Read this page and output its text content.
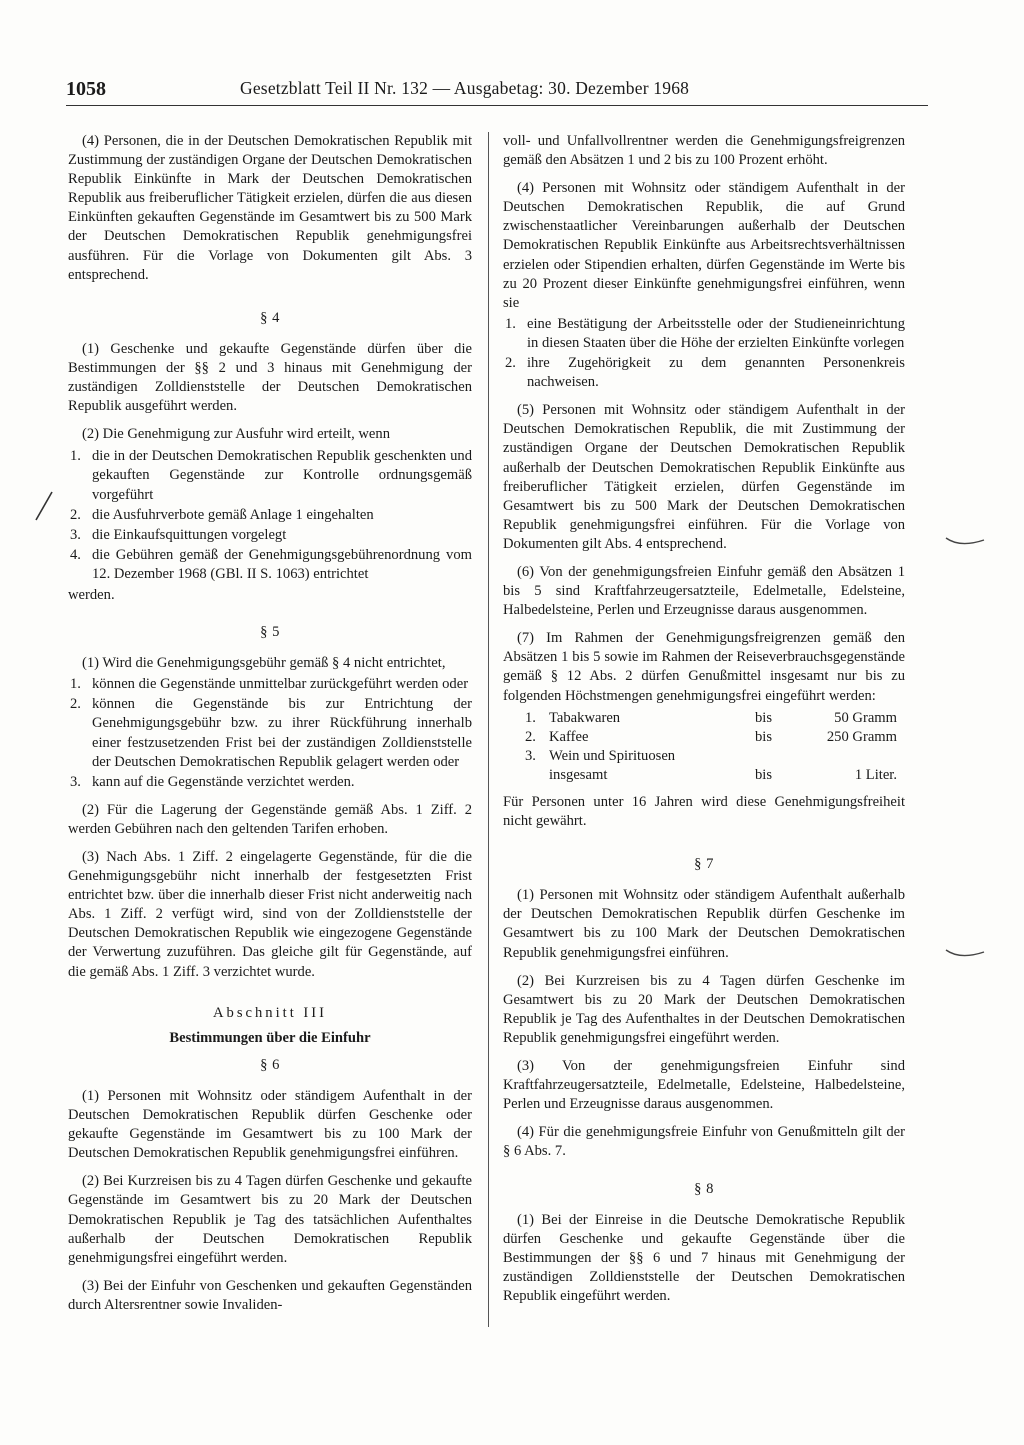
1058	Gesetzblatt Teil II Nr. 132 — Ausgabetag: 30. Dezember 1968

(4) Personen, die in der Deutschen Demokratischen Republik mit Zustimmung der zuständigen Organe der Deutschen Demokratischen Republik Einkünfte in Mark der Deutschen Demokratischen Republik aus freiberuflicher Tätigkeit erzielen, dürfen die aus diesen Einkünften gekauften Gegenstände im Gesamtwert bis zu 500 Mark der Deutschen Demokratischen Republik genehmigungsfrei ausführen. Für die Vorlage von Dokumenten gilt Abs. 3 entsprechend.

§ 4

(1) Geschenke und gekaufte Gegenstände dürfen über die Bestimmungen der §§ 2 und 3 hinaus mit Genehmigung der zuständigen Zolldienststelle der Deutschen Demokratischen Republik ausgeführt werden.

(2) Die Genehmigung zur Ausfuhr wird erteilt, wenn

1. die in der Deutschen Demokratischen Republik geschenkten und gekauften Gegenstände zur Kontrolle ordnungsgemäß vorgeführt
2. die Ausfuhrverbote gemäß Anlage 1 eingehalten
3. die Einkaufsquittungen vorgelegt
4. die Gebühren gemäß der Genehmigungsgebührenordnung vom 12. Dezember 1968 (GBl. II S. 1063) entrichtet

werden.

§ 5

(1) Wird die Genehmigungsgebühr gemäß § 4 nicht entrichtet,

1. können die Gegenstände unmittelbar zurückgeführt werden oder
2. können die Gegenstände bis zur Entrichtung der Genehmigungsgebühr bzw. zu ihrer Rückführung innerhalb einer festzusetzenden Frist bei der zuständigen Zolldienststelle der Deutschen Demokratischen Republik gelagert werden oder
3. kann auf die Gegenstände verzichtet werden.

(2) Für die Lagerung der Gegenstände gemäß Abs. 1 Ziff. 2 werden Gebühren nach den geltenden Tarifen erhoben.

(3) Nach Abs. 1 Ziff. 2 eingelagerte Gegenstände, für die die Genehmigungsgebühr nicht innerhalb der festgesetzten Frist entrichtet bzw. über die innerhalb dieser Frist nicht anderweitig nach Abs. 1 Ziff. 2 verfügt wird, sind von der Zolldienststelle der Deutschen Demokratischen Republik wie eingezogene Gegenstände der Verwertung zuzuführen. Das gleiche gilt für Gegenstände, auf die gemäß Abs. 1 Ziff. 3 verzichtet wurde.

Abschnitt III
Bestimmungen über die Einfuhr
§ 6

(1) Personen mit Wohnsitz oder ständigem Aufenthalt in der Deutschen Demokratischen Republik dürfen Geschenke oder gekaufte Gegenstände im Gesamtwert bis zu 100 Mark der Deutschen Demokratischen Republik genehmigungsfrei einführen.

(2) Bei Kurzreisen bis zu 4 Tagen dürfen Geschenke und gekaufte Gegenstände im Gesamtwert bis zu 20 Mark der Deutschen Demokratischen Republik je Tag des tatsächlichen Aufenthaltes außerhalb der Deutschen Demokratischen Republik genehmigungsfrei eingeführt werden.

(3) Bei der Einfuhr von Geschenken und gekauften Gegenständen durch Altersrentner sowie Invaliden-

voll- und Unfallvollrentner werden die Genehmigungsfreigrenzen gemäß den Absätzen 1 und 2 bis zu 100 Prozent erhöht.

(4) Personen mit Wohnsitz oder ständigem Aufenthalt in der Deutschen Demokratischen Republik, die auf Grund zwischenstaatlicher Vereinbarungen außerhalb der Deutschen Demokratischen Republik Einkünfte aus Arbeitsrechtsverhältnissen erzielen oder Stipendien erhalten, dürfen Gegenstände im Werte bis zu 20 Prozent dieser Einkünfte genehmigungsfrei einführen, wenn sie

1. eine Bestätigung der Arbeitsstelle oder der Studieneinrichtung in diesen Staaten über die Höhe der erzielten Einkünfte vorlegen
2. ihre Zugehörigkeit zu dem genannten Personenkreis nachweisen.

(5) Personen mit Wohnsitz oder ständigem Aufenthalt in der Deutschen Demokratischen Republik, die mit Zustimmung der zuständigen Organe der Deutschen Demokratischen Republik außerhalb der Deutschen Demokratischen Republik Einkünfte aus freiberuflicher Tätigkeit erzielen, dürfen Gegenstände im Gesamtwert bis zu 500 Mark der Deutschen Demokratischen Republik genehmigungsfrei einführen. Für die Vorlage von Dokumenten gilt Abs. 4 entsprechend.

(6) Von der genehmigungsfreien Einfuhr gemäß den Absätzen 1 bis 5 sind Kraftfahrzeugersatzteile, Edelmetalle, Edelsteine, Halbedelsteine, Perlen und Erzeugnisse daraus ausgenommen.

(7) Im Rahmen der Genehmigungsfreigrenzen gemäß den Absätzen 1 bis 5 sowie im Rahmen der Reiseverbrauchsgegenstände gemäß § 12 Abs. 2 dürfen Genußmittel insgesamt nur bis zu folgenden Höchstmengen genehmigungsfrei eingeführt werden:

1.	Tabakwaren	bis	50 Gramm
2.	Kaffee	bis	250 Gramm
3.	Wein und Spirituosen
insgesamt	bis	1 Liter.

Für Personen unter 16 Jahren wird diese Genehmigungsfreiheit nicht gewährt.

§ 7

(1) Personen mit Wohnsitz oder ständigem Aufenthalt außerhalb der Deutschen Demokratischen Republik dürfen Geschenke im Gesamtwert bis zu 100 Mark der Deutschen Demokratischen Republik genehmigungsfrei einführen.

(2) Bei Kurzreisen bis zu 4 Tagen dürfen Geschenke im Gesamtwert bis zu 20 Mark der Deutschen Demokratischen Republik je Tag des Aufenthaltes in der Deutschen Demokratischen Republik genehmigungsfrei eingeführt werden.

(3) Von der genehmigungsfreien Einfuhr sind Kraftfahrzeugersatzteile, Edelmetalle, Edelsteine, Halbedelsteine, Perlen und Erzeugnisse daraus ausgenommen.

(4) Für die genehmigungsfreie Einfuhr von Genußmitteln gilt der § 6 Abs. 7.

§ 8

(1) Bei der Einreise in die Deutsche Demokratische Republik dürfen Geschenke und gekaufte Gegenstände über die Bestimmungen der §§ 6 und 7 hinaus mit Genehmigung der zuständigen Zolldienststelle der Deutschen Demokratischen Republik eingeführt werden.
